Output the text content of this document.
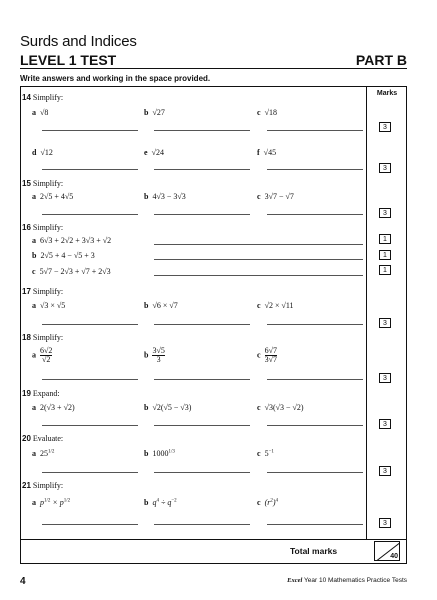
Surds and Indices
LEVEL 1 TEST	PART B
Write answers and working in the space provided.
Marks
14 Simplify:
a √8	b √27	c √18
d √12	e √24	f √45
3
3
15 Simplify:
a 2√5 + 4√5	b 4√3 − 3√3	c 3√7 − √7
3
16 Simplify:
a 6√3 + 2√2 + 3√3 + √2	1
b 2√5 + 4 − √5 + 3	1
c 5√7 − 2√3 + √7 + 2√3	1
17 Simplify:
a √3 × √5	b √6 × √7	c √2 × √11
3
18 Simplify:
a $\frac{6√2}{√2}$	b $\frac{3√5}{3}$	c $\frac{6√7}{3√7}$
3
19 Expand:
a 2(√3 + √2)	b √2(√5 − √3)	c √3(√3 − √2)
3
20 Evaluate:
a $25^{1/2}$	b $1000^{1/3}$	c $5^{-1}$
3
21 Simplify:
a $p^{1/2} \times p^{1/2}$	b $q^4 \div q^{-2}$	c $(r^2)^4$
3
Total marks
40
4	Excel Year 10 Mathematics Practice Tests
